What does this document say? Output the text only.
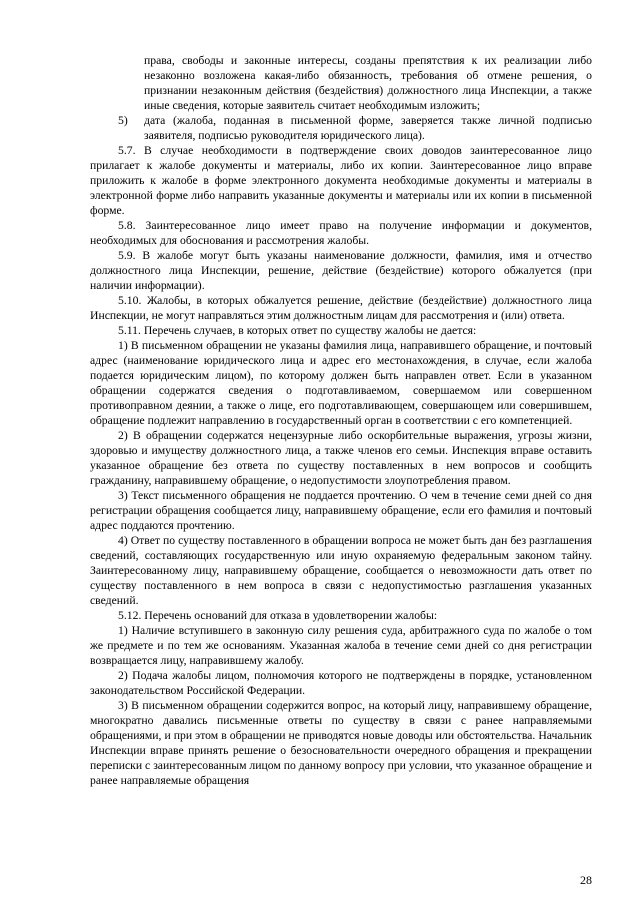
права, свободы и законные интересы, созданы препятствия к их реализации либо незаконно возложена какая-либо обязанность, требования об отмене решения, о признании незаконным действия (бездействия) должностного лица Инспекции, а также иные сведения, которые заявитель считает необходимым изложить;

5) дата (жалоба, поданная в письменной форме, заверяется также личной подписью заявителя, подписью руководителя юридического лица).

5.7. В случае необходимости в подтверждение своих доводов заинтересованное лицо прилагает к жалобе документы и материалы, либо их копии. Заинтересованное лицо вправе приложить к жалобе в форме электронного документа необходимые документы и материалы в электронной форме либо направить указанные документы и материалы или их копии в письменной форме.

5.8. Заинтересованное лицо имеет право на получение информации и документов, необходимых для обоснования и рассмотрения жалобы.

5.9. В жалобе могут быть указаны наименование должности, фамилия, имя и отчество должностного лица Инспекции, решение, действие (бездействие) которого обжалуется (при наличии информации).

5.10. Жалобы, в которых обжалуется решение, действие (бездействие) должностного лица Инспекции, не могут направляться этим должностным лицам для рассмотрения и (или) ответа.

5.11. Перечень случаев, в которых ответ по существу жалобы не дается:

1) В письменном обращении не указаны фамилия лица, направившего обращение, и почтовый адрес (наименование юридического лица и адрес его местонахождения, в случае, если жалоба подается юридическим лицом), по которому должен быть направлен ответ. Если в указанном обращении содержатся сведения о подготавливаемом, совершаемом или совершенном противоправном деянии, а также о лице, его подготавливающем, совершающем или совершившем, обращение подлежит направлению в государственный орган в соответствии с его компетенцией.

2) В обращении содержатся нецензурные либо оскорбительные выражения, угрозы жизни, здоровью и имуществу должностного лица, а также членов его семьи. Инспекция вправе оставить указанное обращение без ответа по существу поставленных в нем вопросов и сообщить гражданину, направившему обращение, о недопустимости злоупотребления правом.

3) Текст письменного обращения не поддается прочтению. О чем в течение семи дней со дня регистрации обращения сообщается лицу, направившему обращение, если его фамилия и почтовый адрес поддаются прочтению.

4) Ответ по существу поставленного в обращении вопроса не может быть дан без разглашения сведений, составляющих государственную или иную охраняемую федеральным законом тайну. Заинтересованному лицу, направившему обращение, сообщается о невозможности дать ответ по существу поставленного в нем вопроса в связи с недопустимостью разглашения указанных сведений.

5.12. Перечень оснований для отказа в удовлетворении жалобы:

1) Наличие вступившего в законную силу решения суда, арбитражного суда по жалобе о том же предмете и по тем же основаниям. Указанная жалоба в течение семи дней со дня регистрации возвращается лицу, направившему жалобу.

2) Подача жалобы лицом, полномочия которого не подтверждены в порядке, установленном законодательством Российской Федерации.

3) В письменном обращении содержится вопрос, на который лицу, направившему обращение, многократно давались письменные ответы по существу в связи с ранее направляемыми обращениями, и при этом в обращении не приводятся новые доводы или обстоятельства. Начальник Инспекции вправе принять решение о безосновательности очередного обращения и прекращении переписки с заинтересованным лицом по данному вопросу при условии, что указанное обращение и ранее направляемые обращения

28
